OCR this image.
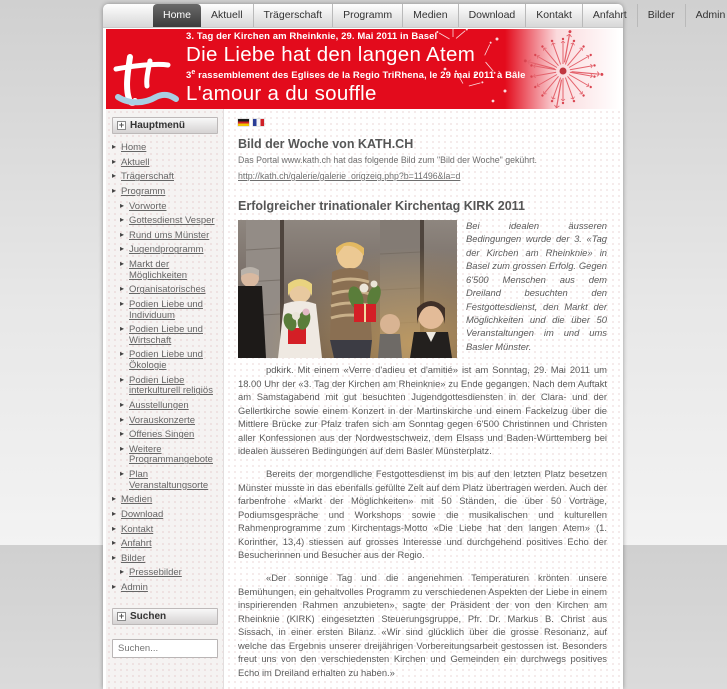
Home	Aktuell	Trägerschaft	Programm	Medien	Download	Kontakt	Anfahrt	Bilder	Admin
3. Tag der Kirchen am Rheinknie, 29. Mai 2011 in Basel
Die Liebe hat den langen Atem
3e rassemblement des Eglises de la Regio TriRhena, le 29 mai 2011 à Bâle
L'amour a du souffle
+ Hauptmenü
▸ Home
▸ Aktuell
▸ Trägerschaft
▸ Programm
▸ Vorworte
▸ Gottesdienst Vesper
▸ Rund ums Münster
▸ Jugendprogramm
▸ Markt der Möglichkeiten
▸ Organisatorisches
▸ Podien Liebe und Individuum
▸ Podien Liebe und Wirtschaft
▸ Podien Liebe und Ökologie
▸ Podien Liebe interkulturell religiös
▸ Ausstellungen
▸ Vorauskonzerte
▸ Offenes Singen
▸ Weitere Programmangebote
▸ Plan Veranstaltungsorte
▸ Medien
▸ Download
▸ Kontakt
▸ Anfahrt
▸ Bilder
▸ Pressebilder
▸ Admin
+ Suchen
Suchen...
Bild der Woche von KATH.CH
Das Portal www.kath.ch hat das folgende Bild zum "Bild der Woche" gekührt.
http://kath.ch/galerie/galerie_origzeig.php?b=11496&la=d
Erfolgreicher trinationaler Kirchentag KIRK 2011

Bei idealen äusseren Bedingungen wurde der 3. «Tag der Kirchen am Rheinknie» in Basel zum grossen Erfolg. Gegen 6'500 Menschen aus dem Dreiland besuchten den Festgottesdienst, den Markt der Möglichkeiten und die über 50 Veranstaltungen im und ums Basler Münster.

pdkirk. Mit einem «Verre d'adieu et d'amitié» ist am Sonntag, 29. Mai 2011 um 18.00 Uhr der «3. Tag der Kirchen am Rheinknie» zu Ende gegangen. Nach dem Auftakt am Samstagabend mit gut besuchten Jugendgottesdiensten in der Clara- und der Gellertkirche sowie einem Konzert in der Martinskirche und einem Fackelzug über die Mittlere Brücke zur Pfalz trafen sich am Sonntag gegen 6'500 Christinnen und Christen aller Konfessionen aus der Nordwestschweiz, dem Elsass und Baden-Württemberg bei idealen äusseren Bedingungen auf dem Basler Münsterplatz.

Bereits der morgendliche Festgottesdienst im bis auf den letzten Platz besetzen Münster musste in das ebenfalls gefüllte Zelt auf dem Platz übertragen werden. Auch der farbenfrohe «Markt der Möglichkeiten» mit 50 Ständen, die über 50 Vorträge, Podiumsgespräche und Workshops sowie die musikalischen und kulturellen Rahmenprogramme zum Kirchentags-Motto «Die Liebe hat den langen Atem» (1. Korinther, 13,4) stiessen auf grosses Interesse und durchgehend positives Echo der Besucherinnen und Besucher aus der Regio.

«Der sonnige Tag und die angenehmen Temperaturen krönten unsere Bemühungen, ein gehaltvolles Programm zu verschiedenen Aspekten der Liebe in einem inspirierenden Rahmen anzubieten», sagte der Präsident der von den Kirchen am Rheinknie (KIRK) eingesetzten Steuerungsgruppe, Pfr. Dr. Markus B. Christ aus Sissach, in einer ersten Bilanz. «Wir sind glücklich über die grosse Resonanz, auf welche das Ergebnis unserer dreijährigen Vorbereitungsarbeit gestossen ist. Besonders freut uns von den verschiedensten Kirchen und Gemeinden ein durchwegs positives Echo im Dreiland erhalten zu haben.»
